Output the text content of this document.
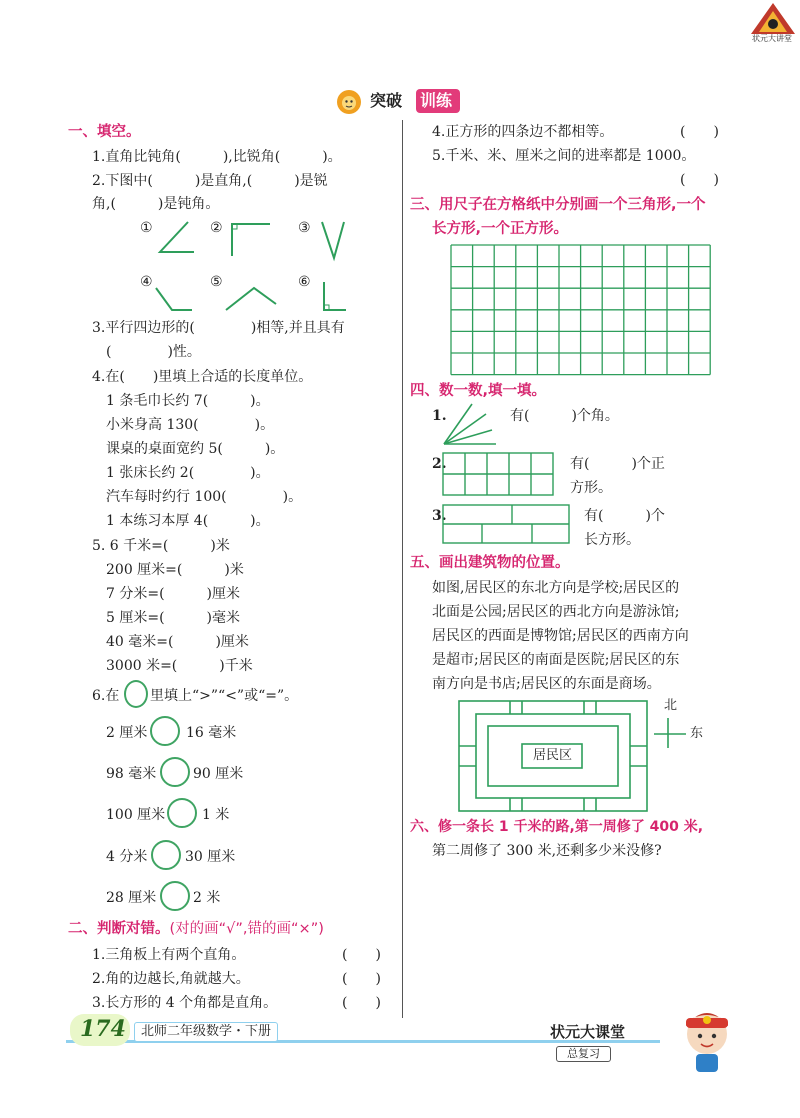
状元大讲堂
突破 训练
一、填空。
1.直角比钝角(　　　),比锐角(　　　)。
2.下图中(　　　)是直角,(　　　)是锐
角,(　　　)是钝角。
①	②	③
④	⑤	⑥
3.平行四边形的(　　　　)相等,并且具有
(　　　　)性。
4.在(　　)里填上合适的长度单位。
1 条毛巾长约 7(　　　)。
小米身高 130(　　　　)。
课桌的桌面宽约 5(　　　)。
1 张床长约 2(　　　　)。
汽车每时约行 100(　　　　)。
1 本练习本厚 4(　　　)。
5. 6 千米=(　　　)米
200 厘米=(　　　)米
7 分米=(　　　)厘米
5 厘米=(　　　)毫米
40 毫米=(　　　)厘米
3000 米=(　　　)千米
6.在 里填上“>”“<”或“=”。
2 厘米	16 毫米
98 毫米	90 厘米
100 厘米	1 米
4 分米	30 厘米
28 厘米	2 米
二、判断对错。(对的画“√”,错的画“×”)
1.三角板上有两个直角。	(　　)
2.角的边越长,角就越大。	(　　)
3.长方形的 4 个角都是直角。	(　　)
4.正方形的四条边不都相等。	(　　)
5.千米、米、厘米之间的进率都是 1000。
(　　)
三、用尺子在方格纸中分别画一个三角形,一个
长方形,一个正方形。
四、数一数,填一填。
1.	有(　　　)个角。
2.	有(　　　)个正
方形。
3.	有(　　　)个
长方形。
五、画出建筑物的位置。
如图,居民区的东北方向是学校;居民区的
北面是公园;居民区的西北方向是游泳馆;
居民区的西面是博物馆;居民区的西南方向
是超市;居民区的南面是医院;居民区的东
南方向是书店;居民区的东面是商场。
居民区
北
东
六、修一条长 1 千米的路,第一周修了 400 米,
第二周修了 300 米,还剩多少米没修?
174	北师二年级数学・下册	状元大课堂
总复习
